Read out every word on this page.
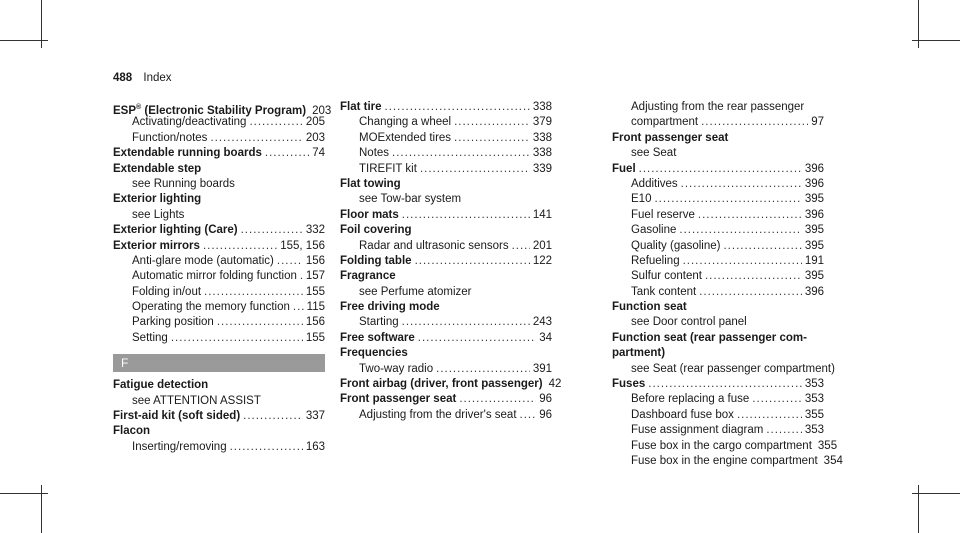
488 Index
ESP® (Electronic Stability Program) 203
Activating/deactivating .....	205
Function/notes .....	203
Extendable running boards .....	74
Extendable step
see Running boards
Exterior lighting
see Lights
Exterior lighting (Care) .....	332
Exterior mirrors .....	155, 156
Anti-glare mode (automatic) .....	156
Automatic mirror folding function ..... 157
Folding in/out .....	155
Operating the memory function ..... 115
Parking position .....	156
Setting .....	155
F
Fatigue detection
see ATTENTION ASSIST
First-aid kit (soft sided) .....	337
Flacon
Inserting/removing .....	163
Flat tire .....	338
Changing a wheel .....	379
MOExtended tires .....	338
Notes .....	338
TIREFIT kit .....	339
Flat towing
see Tow-bar system
Floor mats .....	141
Foil covering
Radar and ultrasonic sensors ..... 201
Folding table .....	122
Fragrance
see Perfume atomizer
Free driving mode
Starting .....	243
Free software .....	34
Frequencies
Two-way radio .....	391
Front airbag (driver, front passenger) 42
Front passenger seat .....	96
Adjusting from the driver's seat ..... 96
Adjusting from the rear passenger
compartment .....	97
Front passenger seat
see Seat
Fuel .....	396
Additives .....	396
E10 .....	395
Fuel reserve .....	396
Gasoline .....	395
Quality (gasoline) .....	395
Refueling .....	191
Sulfur content .....	395
Tank content .....	396
Function seat
see Door control panel
Function seat (rear passenger com-
partment)
see Seat (rear passenger compartment)
Fuses .....	353
Before replacing a fuse .....	353
Dashboard fuse box .....	355
Fuse assignment diagram .....	353
Fuse box in the cargo compartment 355
Fuse box in the engine compartment 354
